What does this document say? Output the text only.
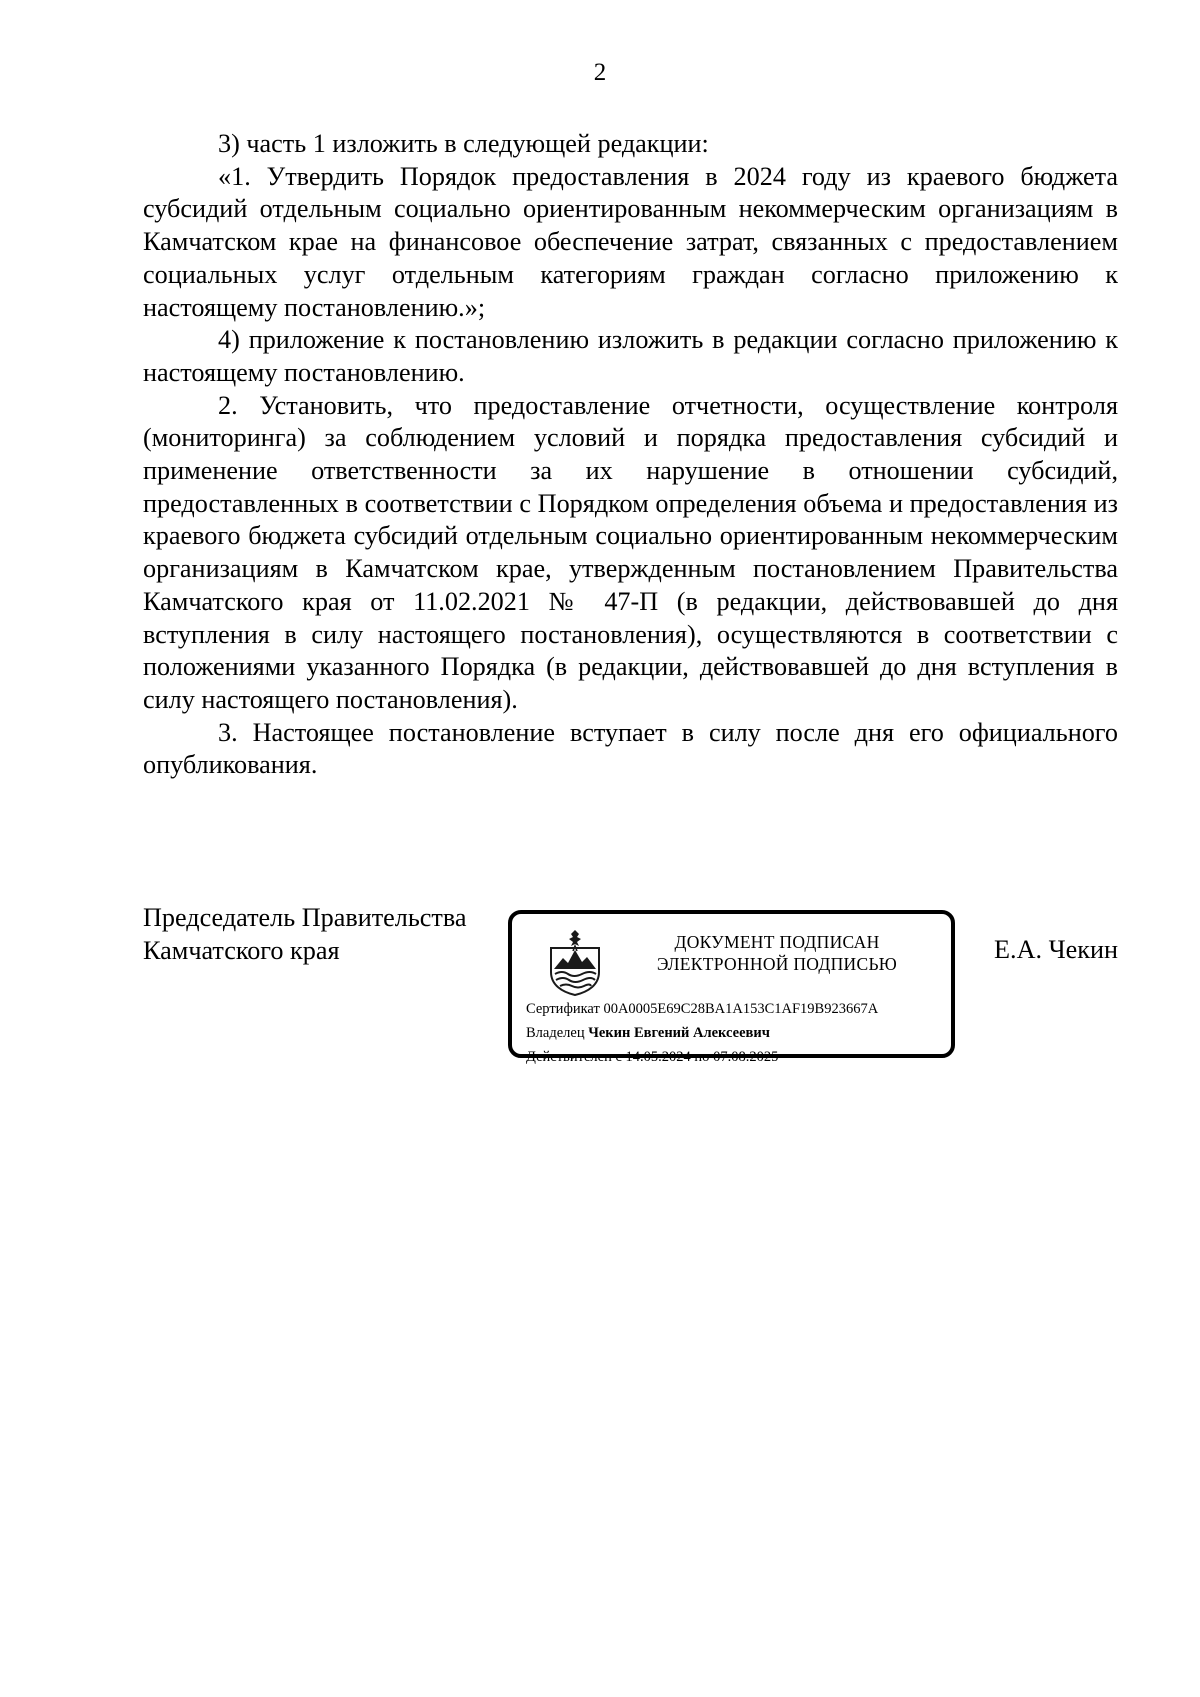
2

3) часть 1 изложить в следующей редакции:

«1. Утвердить Порядок предоставления в 2024 году из краевого бюджета субсидий отдельным социально ориентированным некоммерческим организациям в Камчатском крае на финансовое обеспечение затрат, связанных с предоставлением социальных услуг отдельным категориям граждан согласно приложению к настоящему постановлению.»;

4) приложение к постановлению изложить в редакции согласно приложению к настоящему постановлению.

2. Установить, что предоставление отчетности, осуществление контроля (мониторинга) за соблюдением условий и порядка предоставления субсидий и применение ответственности за их нарушение в отношении субсидий, предоставленных в соответствии с Порядком определения объема и предоставления из краевого бюджета субсидий отдельным социально ориентированным некоммерческим организациям в Камчатском крае, утвержденным постановлением Правительства Камчатского края от 11.02.2021 № 47-П (в редакции, действовавшей до дня вступления в силу настоящего постановления), осуществляются в соответствии с положениями указанного Порядка (в редакции, действовавшей до дня вступления в силу настоящего постановления).

3. Настоящее постановление вступает в силу после дня его официального опубликования.

Председатель Правительства
Камчатского края	ДОКУМЕНТ ПОДПИСАН
ЭЛЕКТРОННОЙ ПОДПИСЬЮ
Сертификат 00A0005E69C28BA1A153C1AF19B923667A
Владелец Чекин Евгений Алексеевич
Действителен с 14.05.2024 по 07.08.2025
Е.А. Чекин
